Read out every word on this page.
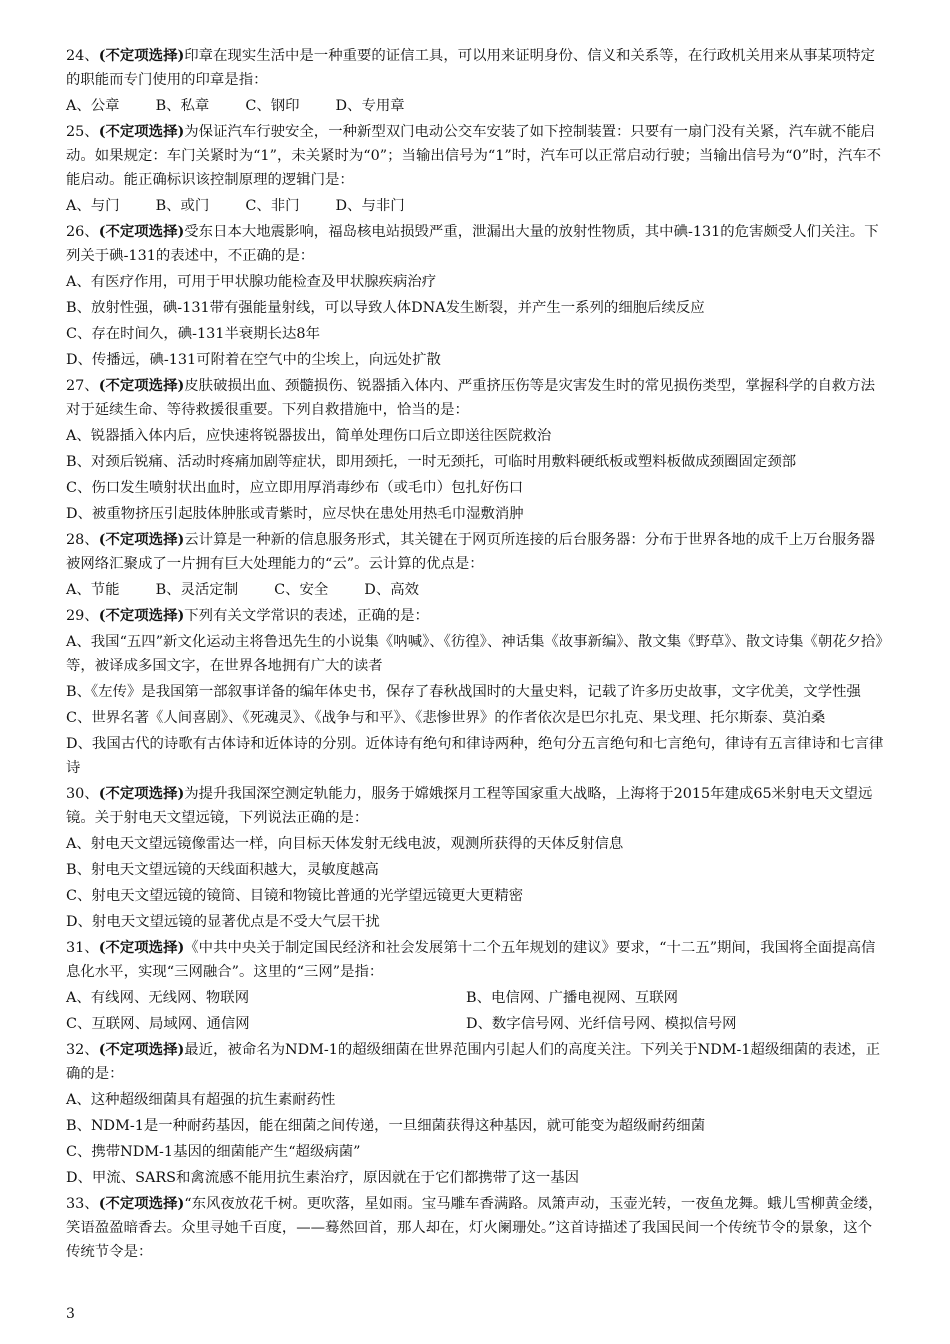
24、(不定项选择)印章在现实生活中是一种重要的证信工具，可以用来证明身份、信义和关系等，在行政机关用来从事某项特定的职能而专门使用的印章是指：

A、公章	B、私章	C、钢印	D、专用章

25、(不定项选择)为保证汽车行驶安全，一种新型双门电动公交车安装了如下控制装置：只要有一扇门没有关紧，汽车就不能启动。如果规定：车门关紧时为“1”，未关紧时为“0”；当输出信号为“1”时，汽车可以正常启动行驶；当输出信号为“0”时，汽车不能启动。能正确标识该控制原理的逻辑门是：

A、与门	B、或门	C、非门	D、与非门

26、(不定项选择)受东日本大地震影响，福岛核电站损毁严重，泄漏出大量的放射性物质，其中碘-131的危害颇受人们关注。下列关于碘-131的表述中，不正确的是：

A、有医疗作用，可用于甲状腺功能检查及甲状腺疾病治疗

B、放射性强，碘-131带有强能量射线，可以导致人体DNA发生断裂，并产生一系列的细胞后续反应

C、存在时间久，碘-131半衰期长达8年

D、传播远，碘-131可附着在空气中的尘埃上，向远处扩散

27、(不定项选择)皮肤破损出血、颈髓损伤、锐器插入体内、严重挤压伤等是灾害发生时的常见损伤类型，掌握科学的自救方法对于延续生命、等待救援很重要。下列自救措施中，恰当的是：

A、锐器插入体内后，应快速将锐器拔出，简单处理伤口后立即送往医院救治

B、对颈后锐痛、活动时疼痛加剧等症状，即用颈托，一时无颈托，可临时用敷料硬纸板或塑料板做成颈圈固定颈部

C、伤口发生喷射状出血时，应立即用厚消毒纱布（或毛巾）包扎好伤口

D、被重物挤压引起肢体肿胀或青紫时，应尽快在患处用热毛巾湿敷消肿

28、(不定项选择)云计算是一种新的信息服务形式，其关键在于网页所连接的后台服务器：分布于世界各地的成千上万台服务器被网络汇聚成了一片拥有巨大处理能力的“云”。云计算的优点是：

A、节能	B、灵活定制	C、安全	D、高效

29、(不定项选择)下列有关文学常识的表述，正确的是：

A、我国“五四”新文化运动主将鲁迅先生的小说集《呐喊》、《彷徨》、神话集《故事新编》、散文集《野草》、散文诗集《朝花夕拾》等，被译成多国文字，在世界各地拥有广大的读者

B、《左传》是我国第一部叙事详备的编年体史书，保存了春秋战国时的大量史料，记载了许多历史故事，文字优美，文学性强

C、世界名著《人间喜剧》、《死魂灵》、《战争与和平》、《悲惨世界》的作者依次是巴尔扎克、果戈理、托尔斯泰、莫泊桑

D、我国古代的诗歌有古体诗和近体诗的分别。近体诗有绝句和律诗两种，绝句分五言绝句和七言绝句，律诗有五言律诗和七言律诗

30、(不定项选择)为提升我国深空测定轨能力，服务于嫦娥探月工程等国家重大战略，上海将于2015年建成65米射电天文望远镜。关于射电天文望远镜，下列说法正确的是：

A、射电天文望远镜像雷达一样，向目标天体发射无线电波，观测所获得的天体反射信息

B、射电天文望远镜的天线面积越大，灵敏度越高

C、射电天文望远镜的镜筒、目镜和物镜比普通的光学望远镜更大更精密

D、射电天文望远镜的显著优点是不受大气层干扰

31、(不定项选择)《中共中央关于制定国民经济和社会发展第十二个五年规划的建议》要求，“十二五”期间，我国将全面提高信息化水平，实现“三网融合”。这里的“三网”是指：

A、有线网、无线网、物联网	B、电信网、广播电视网、互联网
C、互联网、局域网、通信网	D、数字信号网、光纤信号网、模拟信号网

32、(不定项选择)最近，被命名为NDM-1的超级细菌在世界范围内引起人们的高度关注。下列关于NDM-1超级细菌的表述，正确的是：

A、这种超级细菌具有超强的抗生素耐药性

B、NDM-1是一种耐药基因，能在细菌之间传递，一旦细菌获得这种基因，就可能变为超级耐药细菌

C、携带NDM-1基因的细菌能产生“超级病菌”

D、甲流、SARS和禽流感不能用抗生素治疗，原因就在于它们都携带了这一基因

33、(不定项选择)“东风夜放花千树。更吹落，星如雨。宝马雕车香满路。凤箫声动，玉壶光转，一夜鱼龙舞。蛾儿雪柳黄金缕，笑语盈盈暗香去。众里寻她千百度，——蓦然回首，那人却在，灯火阑珊处。”这首诗描述了我国民间一个传统节令的景象，这个传统节令是：

3
